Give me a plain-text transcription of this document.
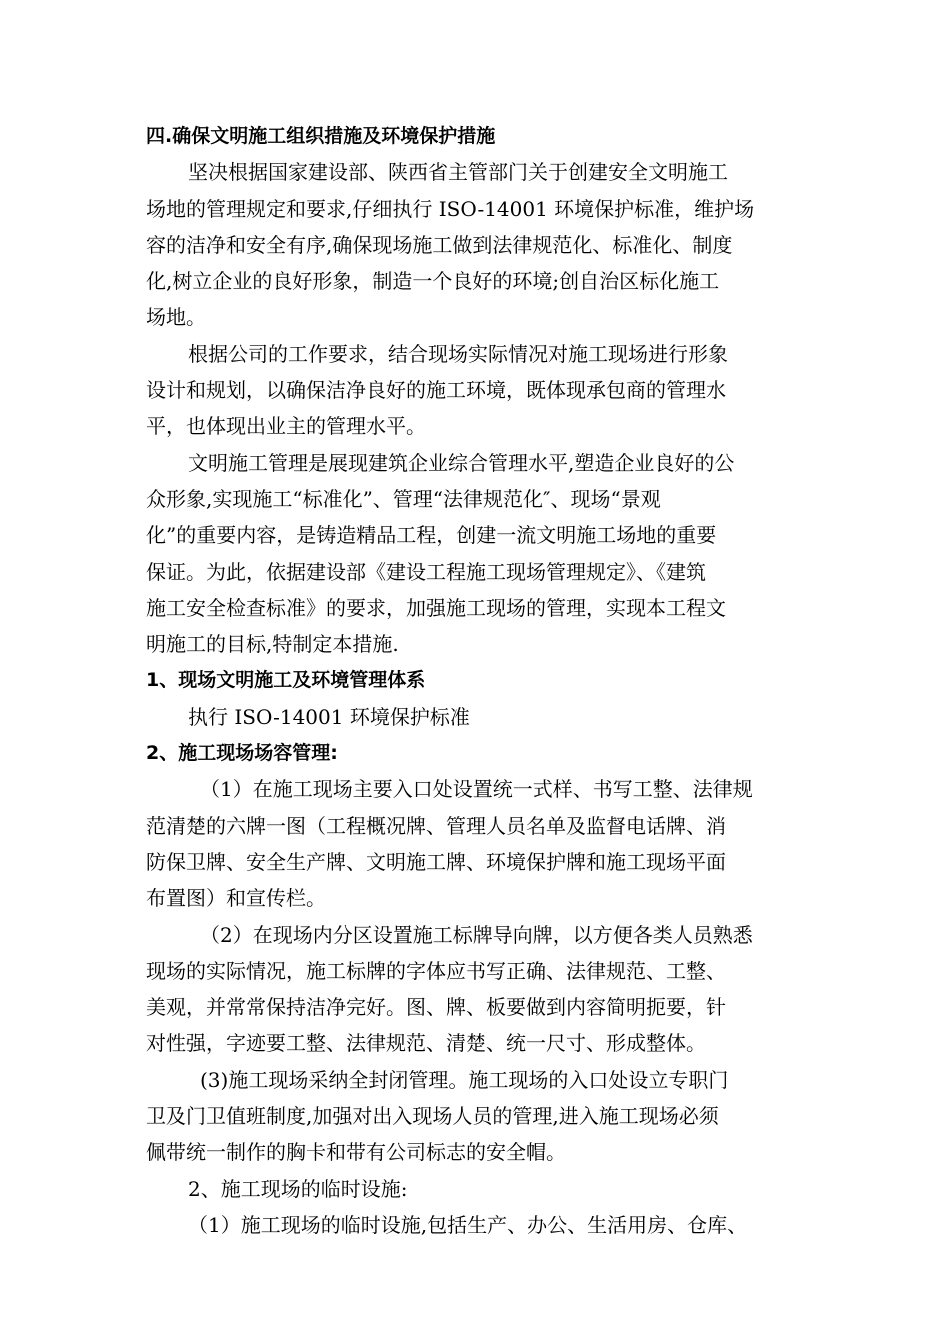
四.确保文明施工组织措施及环境保护措施
坚决根据国家建设部、陕西省主管部门关于创建安全文明施工
场地的管理规定和要求,仔细执行 ISO-14001 环境保护标准，维护场
容的洁净和安全有序,确保现场施工做到法律规范化、标准化、制度
化,树立企业的良好形象，制造一个良好的环境;创自治区标化施工
场地。
根据公司的工作要求，结合现场实际情况对施工现场进行形象
设计和规划，以确保洁净良好的施工环境，既体现承包商的管理水
平，也体现出业主的管理水平。
文明施工管理是展现建筑企业综合管理水平,塑造企业良好的公
众形象,实现施工“标准化”、管理“法律规范化″、现场“景观
化”的重要内容，是铸造精品工程，创建一流文明施工场地的重要
保证。为此，依据建设部《建设工程施工现场管理规定》、《建筑
施工安全检查标准》的要求，加强施工现场的管理，实现本工程文
明施工的目标,特制定本措施.
1、现场文明施工及环境管理体系
执行 ISO-14001 环境保护标准
2、施工现场场容管理:
（1）在施工现场主要入口处设置统一式样、书写工整、法律规
范清楚的六牌一图（工程概况牌、管理人员名单及监督电话牌、消
防保卫牌、安全生产牌、文明施工牌、环境保护牌和施工现场平面
布置图）和宣传栏。
（2）在现场内分区设置施工标牌导向牌，以方便各类人员熟悉
现场的实际情况，施工标牌的字体应书写正确、法律规范、工整、
美观，并常常保持洁净完好。图、牌、板要做到内容简明扼要，针
对性强，字迹要工整、法律规范、清楚、统一尺寸、形成整体。
(3)施工现场采纳全封闭管理。施工现场的入口处设立专职门
卫及门卫值班制度,加强对出入现场人员的管理,进入施工现场必须
佩带统一制作的胸卡和带有公司标志的安全帽。
2、施工现场的临时设施:
（1）施工现场的临时设施,包括生产、办公、生活用房、仓库、
